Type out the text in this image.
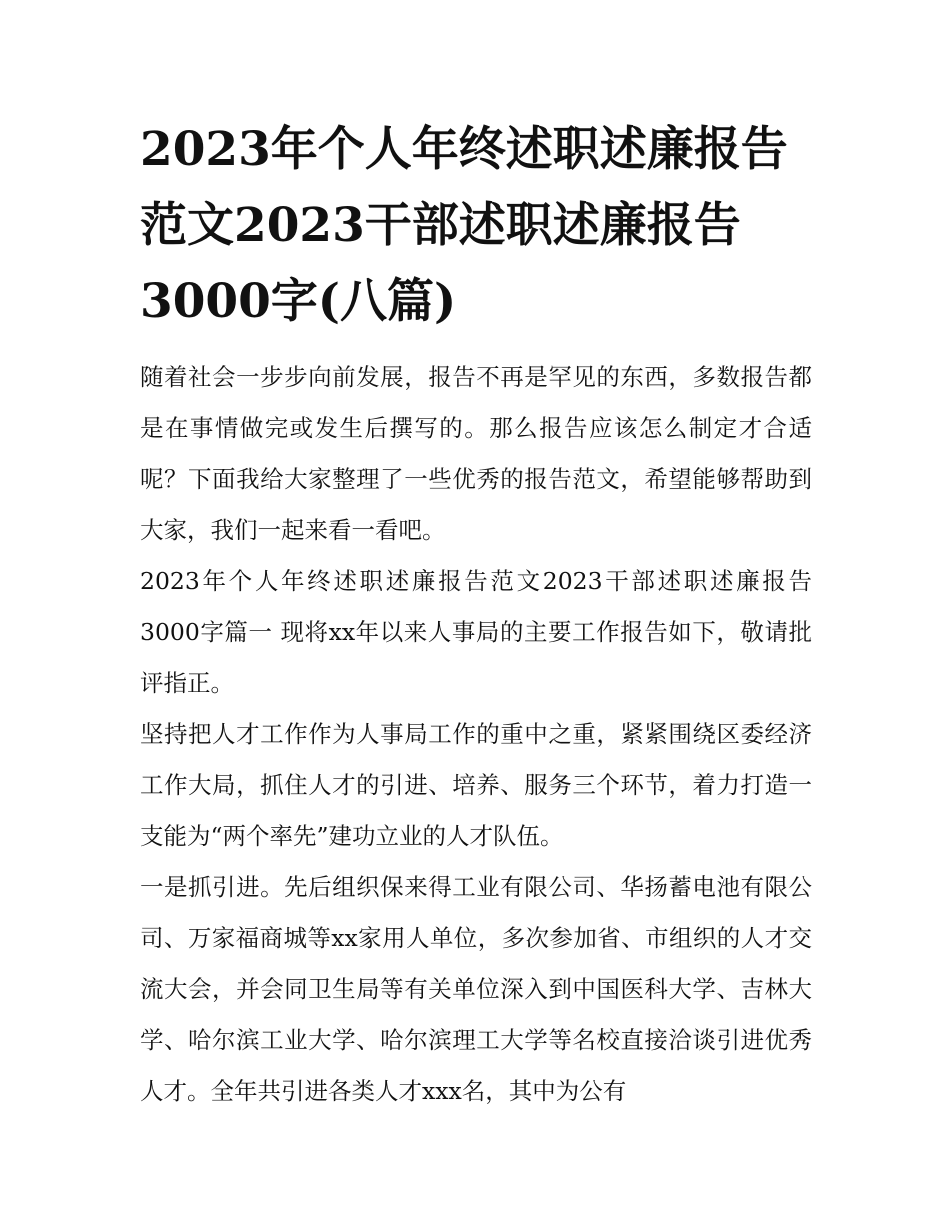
2023年个人年终述职述廉报告范文2023干部述职述廉报告3000字(八篇)

随着社会一步步向前发展，报告不再是罕见的东西，多数报告都是在事情做完或发生后撰写的。那么报告应该怎么制定才合适呢？下面我给大家整理了一些优秀的报告范文，希望能够帮助到大家，我们一起来看一看吧。

2023年个人年终述职述廉报告范文2023干部述职述廉报告3000字篇一 现将xx年以来人事局的主要工作报告如下，敬请批评指正。

坚持把人才工作作为人事局工作的重中之重，紧紧围绕区委经济工作大局，抓住人才的引进、培养、服务三个环节，着力打造一支能为“两个率先”建功立业的人才队伍。

一是抓引进。先后组织保来得工业有限公司、华扬蓄电池有限公司、万家福商城等xx家用人单位，多次参加省、市组织的人才交流大会，并会同卫生局等有关单位深入到中国医科大学、吉林大学、哈尔滨工业大学、哈尔滨理工大学等名校直接洽谈引进优秀人才。全年共引进各类人才xxx名，其中为公有
